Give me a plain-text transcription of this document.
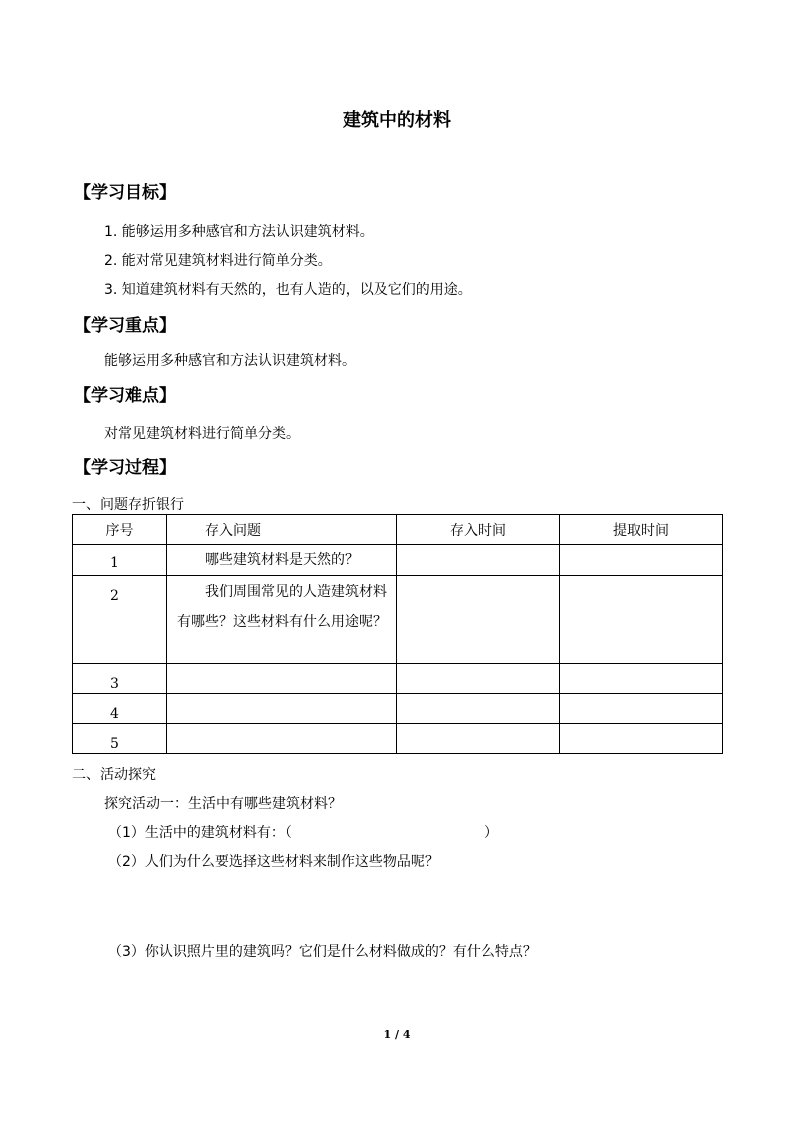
建筑中的材料
【学习目标】
1. 能够运用多种感官和方法认识建筑材料。
2. 能对常见建筑材料进行简单分类。
3. 知道建筑材料有天然的，也有人造的，以及它们的用途。
【学习重点】
能够运用多种感官和方法认识建筑材料。
【学习难点】
对常见建筑材料进行简单分类。
【学习过程】
一、问题存折银行
序号	存入问题	存入时间	提取时间
1	哪些建筑材料是天然的？		
2	我们周围常见的人造建筑材料有哪些？这些材料有什么用途呢？		
3			
4			
5			
二、活动探究
探究活动一：生活中有哪些建筑材料？
（1）生活中的建筑材料有：（	）
（2）人们为什么要选择这些材料来制作这些物品呢？
（3）你认识照片里的建筑吗？它们是什么材料做成的？有什么特点？
1 / 4
